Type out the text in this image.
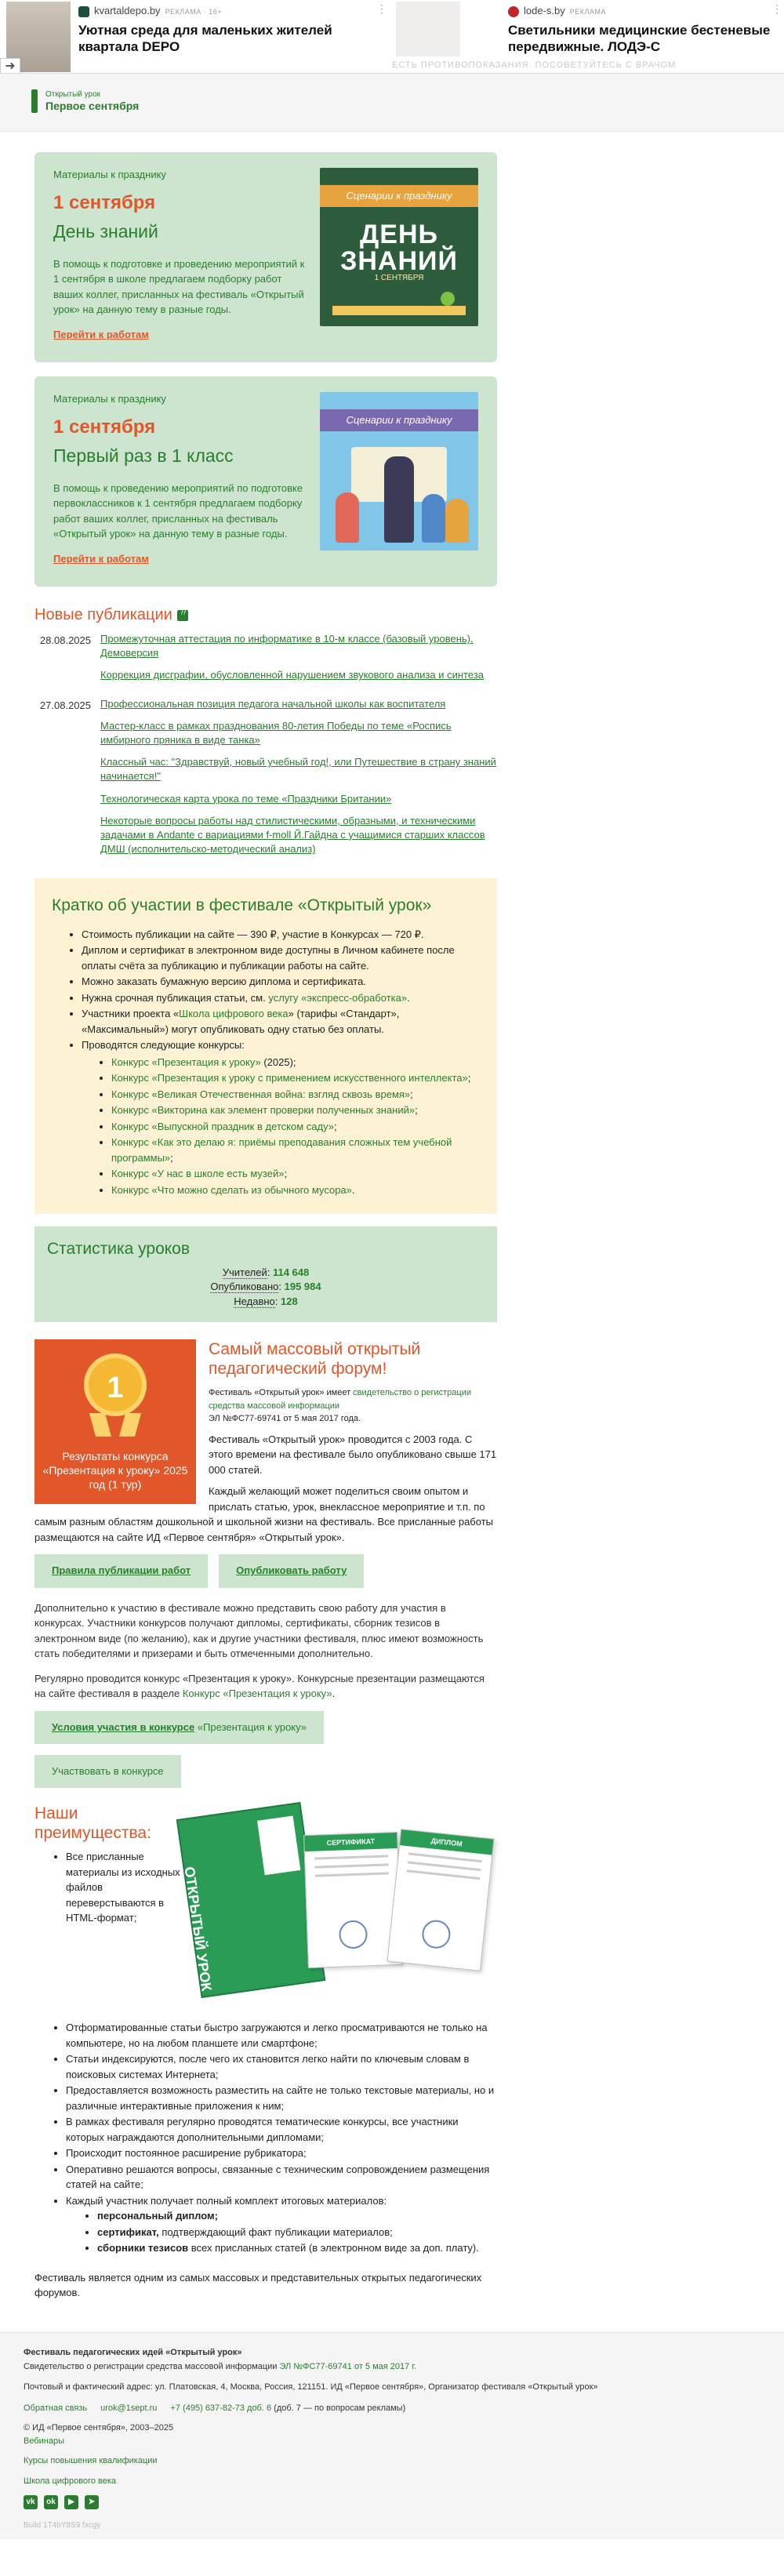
kvartaldepo.by РЕКЛАМА · 16+	⋮
Уютная среда для маленьких жителей квартала DEPO
➜
lode-s.by РЕКЛАМА	⋮
Светильники медицинские бестеневые передвижные. ЛОДЭ-С
ЕСТЬ ПРОТИВОПОКАЗАНИЯ. ПОСОВЕТУЙТЕСЬ С ВРАЧОМ
Открытый урок
Первое сентября
Материалы к празднику
1 сентября
День знаний
В помощь к подготовке и проведению мероприятий к 1 сентября в школе предлагаем подборку работ ваших коллег, присланных на фестиваль «Открытый урок» на данную тему в разные годы.
Перейти к работам
Сценарии к празднику
ДЕНЬ
ЗНАНИЙ
1 СЕНТЯБРЯ
Материалы к празднику
1 сентября
Первый раз в 1 класс
В помощь к проведению мероприятий по подготовке первоклассников к 1 сентября предлагаем подборку работ ваших коллег, присланных на фестиваль «Открытый урок» на данную тему в разные годы.
Перейти к работам
Сценарии к празднику
Новые публикации〃
28.08.2025 Промежуточная аттестация по информатике в 10-м классе (базовый уровень). Демоверсия
Коррекция дисграфии, обусловленной нарушением звукового анализа и синтеза
27.08.2025 Профессиональная позиция педагога начальной школы как воспитателя
Мастер-класс в рамках празднования 80-летия Победы по теме «Роспись имбирного пряника в виде танка»
Классный час: "Здравствуй, новый учебный год!, или Путешествие в страну знаний начинается!"
Технологическая карта урока по теме «Праздники Британии»
Некоторые вопросы работы над стилистическими, образными, и техническими задачами в Andante c вариациями f-moll Й.Гайдна с учащимися старших классов ДМШ (исполнительско-методический анализ)
Кратко об участии в фестивале «Открытый урок»
• Стоимость публикации на сайте — 390 ₽, участие в Конкурсах — 720 ₽.
• Диплом и сертификат в электронном виде доступны в Личном кабинете после оплаты счёта за публикацию и публикации работы на сайте.
• Можно заказать бумажную версию диплома и сертификата.
• Нужна срочная публикация статьи, см. услугу «экспресс-обработка».
• Участники проекта «Школа цифрового века» (тарифы «Стандарт», «Максимальный») могут опубликовать одну статью без оплаты.
• Проводятся следующие конкурсы:
• Конкурс «Презентация к уроку» (2025);
• Конкурс «Презентация к уроку с применением искусственного интеллекта»;
• Конкурс «Великая Отечественная война: взгляд сквозь время»;
• Конкурс «Викторина как элемент проверки полученных знаний»;
• Конкурс «Выпускной праздник в детском саду»;
• Конкурс «Как это делаю я: приёмы преподавания сложных тем учебной программы»;
• Конкурс «У нас в школе есть музей»;
• Конкурс «Что можно сделать из обычного мусора».
Статистика уроков
Учителей: 114 648
Опубликовано: 195 984
Недавно: 128
1
Результаты конкурса «Презентация к уроку» 2025 год (1 тур)
Самый массовый открытый педагогический форум!

Фестиваль «Открытый урок» имеет свидетельство о регистрации средства массовой информации
ЭЛ №ФС77-69741 от 5 мая 2017 года.

Фестиваль «Открытый урок» проводится с 2003 года. С этого времени на фестивале было опубликовано свыше 171 000 статей.

Каждый желающий может поделиться своим опытом и прислать статью, урок, внеклассное мероприятие и т.п. по самым разным областям дошкольной и школьной жизни на фестиваль. Все присланные работы размещаются на сайте ИД «Первое сентября» «Открытый урок».

Правила публикации работ	Опубликовать работу

Дополнительно к участию в фестивале можно представить свою работу для участия в конкурсах. Участники конкурсов получают дипломы, сертификаты, сборник тезисов в электронном виде (по желанию), как и другие участники фестиваля, плюс имеют возможность стать победителями и призерами и быть отмеченными дополнительно.

Регулярно проводится конкурс «Презентация к уроку». Конкурсные презентации размещаются на сайте фестиваля в разделе Конкурс «Презентация к уроку».

Условия участия в конкурсе «Презентация к уроку»
Участвовать в конкурсе
Наши преимущества:
• Все присланные материалы из исходных файлов переверстываются в HTML-формат;	ОТКРЫТЫЙ УРОК
СЕРТИФИКАТ	ДИПЛОМ
• Отформатированные статьи быстро загружаются и легко просматриваются не только на компьютере, но на любом планшете или смартфоне;
• Статьи индексируются, после чего их становится легко найти по ключевым словам в поисковых системах Интернета;
• Предоставляется возможность разместить на сайте не только текстовые материалы, но и различные интерактивные приложения к ним;
• В рамках фестиваля регулярно проводятся тематические конкурсы, все участники которых награждаются дополнительными дипломами;
• Происходит постоянное расширение рубрикатора;
• Оперативно решаются вопросы, связанные с техническим сопровождением размещения статей на сайте;
• Каждый участник получает полный комплект итоговых материалов:
• персональный диплом;
• сертификат, подтверждающий факт публикации материалов;
• сборники тезисов всех присланных статей (в электронном виде за доп. плату).

Фестиваль является одним из самых массовых и представительных открытых педагогических форумов.

Фестиваль педагогических идей «Открытый урок»
Свидетельство о регистрации средства массовой информации ЭЛ №ФС77-69741 от 5 мая 2017 г.
Почтовый и фактический адрес: ул. Платовская, 4, Москва, Россия, 121151. ИД «Первое сентября», Организатор фестиваля «Открытый урок»
Обратная связь urok@1sept.ru +7 (495) 637-82-73 доб. 6 (доб. 7 — по вопросам рекламы)
© ИД «Первое сентября», 2003–2025
Вебинары
Курсы повышения квалификации
Школа цифрового века
vk	ok	▶	➤
Build 1T4bY8S9 fxcgy
